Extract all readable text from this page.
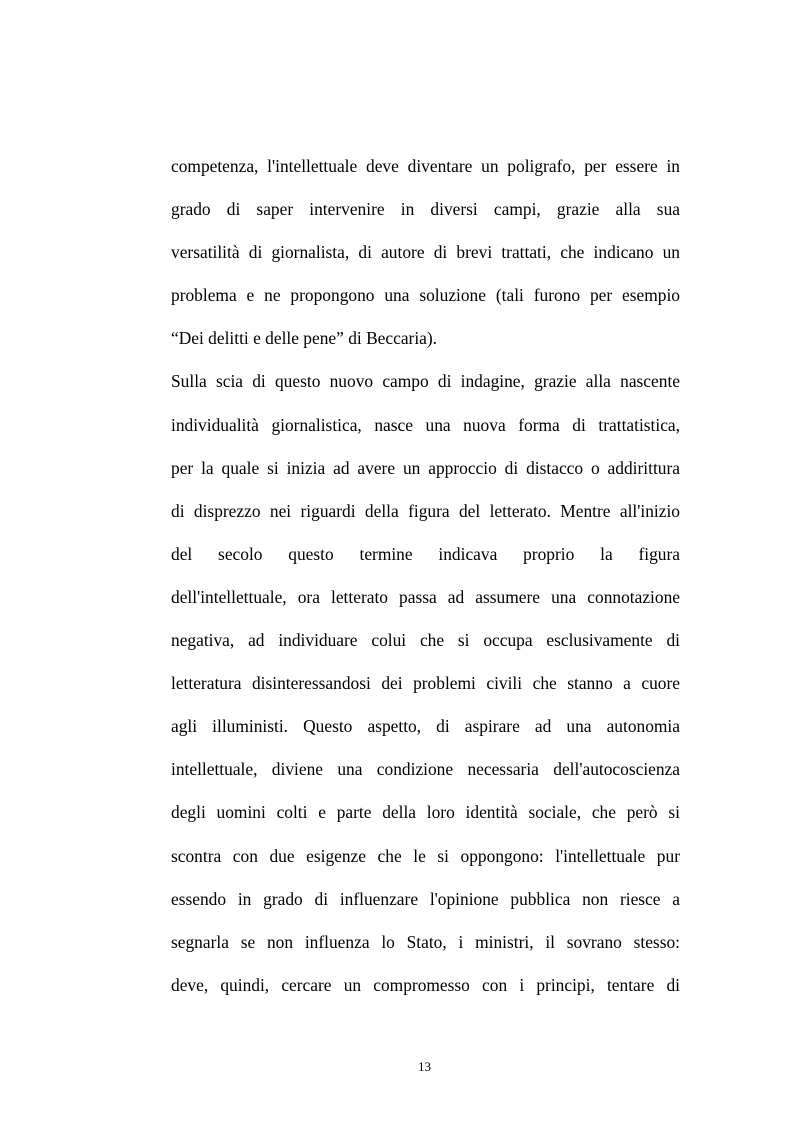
competenza, l'intellettuale deve diventare un poligrafo, per essere in
grado di saper intervenire in diversi campi, grazie alla sua
versatilità di giornalista, di autore di brevi trattati, che indicano un
problema e ne propongono una soluzione (tali furono per esempio
“Dei delitti e delle pene” di Beccaria).
Sulla scia di questo nuovo campo di indagine, grazie alla nascente
individualità giornalistica, nasce una nuova forma di trattatistica,
per la quale si inizia ad avere un approccio di distacco o addirittura
di disprezzo nei riguardi della figura del letterato. Mentre all'inizio
del secolo questo termine indicava proprio la figura
dell'intellettuale, ora letterato passa ad assumere una connotazione
negativa, ad individuare colui che si occupa esclusivamente di
letteratura disinteressandosi dei problemi civili che stanno a cuore
agli illuministi. Questo aspetto, di aspirare ad una autonomia
intellettuale, diviene una condizione necessaria dell'autocoscienza
degli uomini colti e parte della loro identità sociale, che però si
scontra con due esigenze che le si oppongono: l'intellettuale pur
essendo in grado di influenzare l'opinione pubblica non riesce a
segnarla se non influenza lo Stato, i ministri, il sovrano stesso:
deve, quindi, cercare un compromesso con i principi, tentare di
13
